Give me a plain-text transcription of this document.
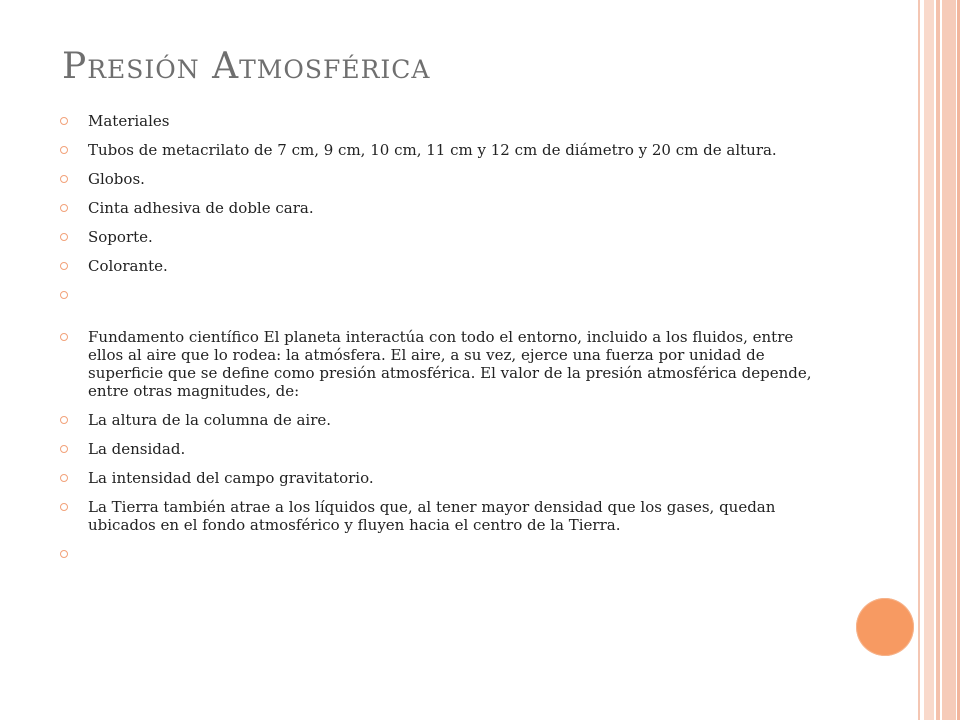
Presión Atmosférica
Materiales
Tubos de metacrilato de 7 cm, 9 cm, 10 cm, 11 cm y 12 cm de diámetro y 20 cm de altura.
Globos.
Cinta adhesiva de doble cara.
Soporte.
Colorante.
Fundamento científico El planeta interactúa con todo el entorno, incluido a los fluidos, entre ellos al aire que lo rodea: la atmósfera. El aire, a su vez, ejerce una fuerza por unidad de superficie que se define como presión atmosférica. El valor de la presión atmosférica depende, entre otras magnitudes, de:
La altura de la columna de aire.
La densidad.
La intensidad del campo gravitatorio.
La Tierra también atrae a los líquidos que, al tener mayor densidad que los gases, quedan ubicados en el fondo atmosférico y fluyen hacia el centro de la Tierra.
